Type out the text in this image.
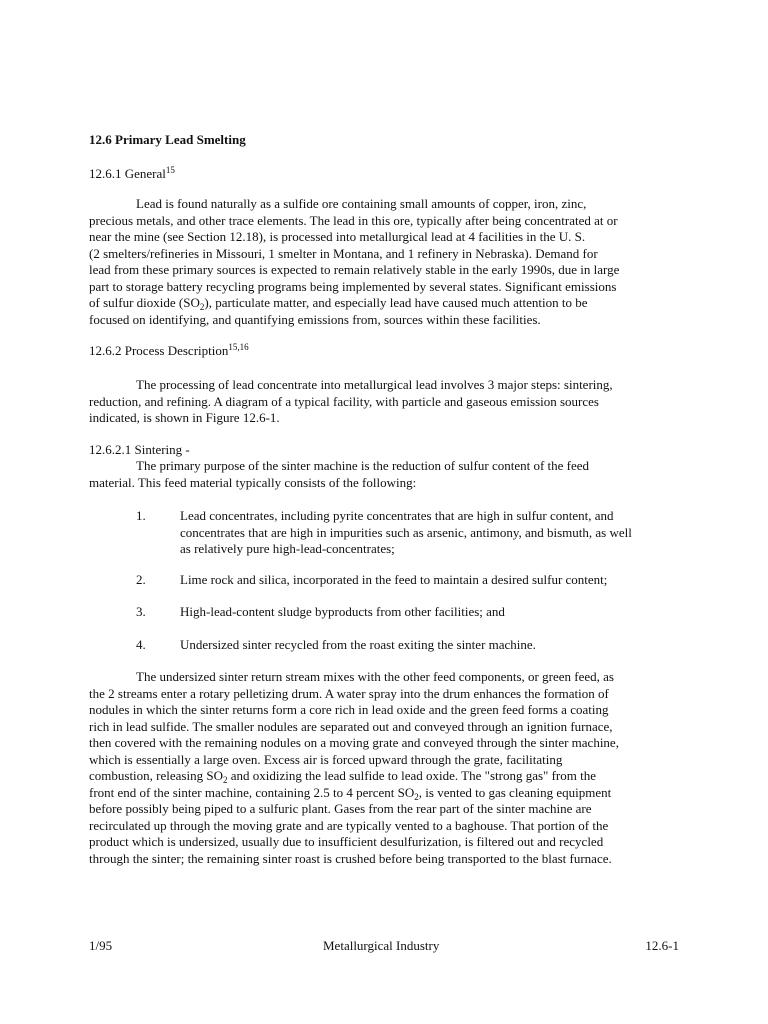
12.6 Primary Lead Smelting
12.6.1 General$^{15}$
Lead is found naturally as a sulfide ore containing small amounts of copper, iron, zinc,
precious metals, and other trace elements. The lead in this ore, typically after being concentrated at or
near the mine (see Section 12.18), is processed into metallurgical lead at 4 facilities in the U. S.
(2 smelters/refineries in Missouri, 1 smelter in Montana, and 1 refinery in Nebraska). Demand for
lead from these primary sources is expected to remain relatively stable in the early 1990s, due in large
part to storage battery recycling programs being implemented by several states. Significant emissions
of sulfur dioxide $(SO_2)$, particulate matter, and especially lead have caused much attention to be
focused on identifying, and quantifying emissions from, sources within these facilities.
12.6.2 Process Description$^{15,16}$
The processing of lead concentrate into metallurgical lead involves 3 major steps: sintering,
reduction, and refining. A diagram of a typical facility, with particle and gaseous emission sources
indicated, is shown in Figure 12.6-1.
12.6.2.1 Sintering -
The primary purpose of the sinter machine is the reduction of sulfur content of the feed
material. This feed material typically consists of the following:
1.	Lead concentrates, including pyrite concentrates that are high in sulfur content, and
concentrates that are high in impurities such as arsenic, antimony, and bismuth, as well
as relatively pure high-lead-concentrates;
2.	Lime rock and silica, incorporated in the feed to maintain a desired sulfur content;
3.	High-lead-content sludge byproducts from other facilities; and
4.	Undersized sinter recycled from the roast exiting the sinter machine.
The undersized sinter return stream mixes with the other feed components, or green feed, as
the 2 streams enter a rotary pelletizing drum. A water spray into the drum enhances the formation of
nodules in which the sinter returns form a core rich in lead oxide and the green feed forms a coating
rich in lead sulfide. The smaller nodules are separated out and conveyed through an ignition furnace,
then covered with the remaining nodules on a moving grate and conveyed through the sinter machine,
which is essentially a large oven. Excess air is forced upward through the grate, facilitating
combustion, releasing $SO_2$ and oxidizing the lead sulfide to lead oxide. The "strong gas" from the
front end of the sinter machine, containing 2.5 to 4 percent $SO_2$, is vented to gas cleaning equipment
before possibly being piped to a sulfuric plant. Gases from the rear part of the sinter machine are
recirculated up through the moving grate and are typically vented to a baghouse. That portion of the
product which is undersized, usually due to insufficient desulfurization, is filtered out and recycled
through the sinter; the remaining sinter roast is crushed before being transported to the blast furnace.
1/95	Metallurgical Industry	12.6-1
